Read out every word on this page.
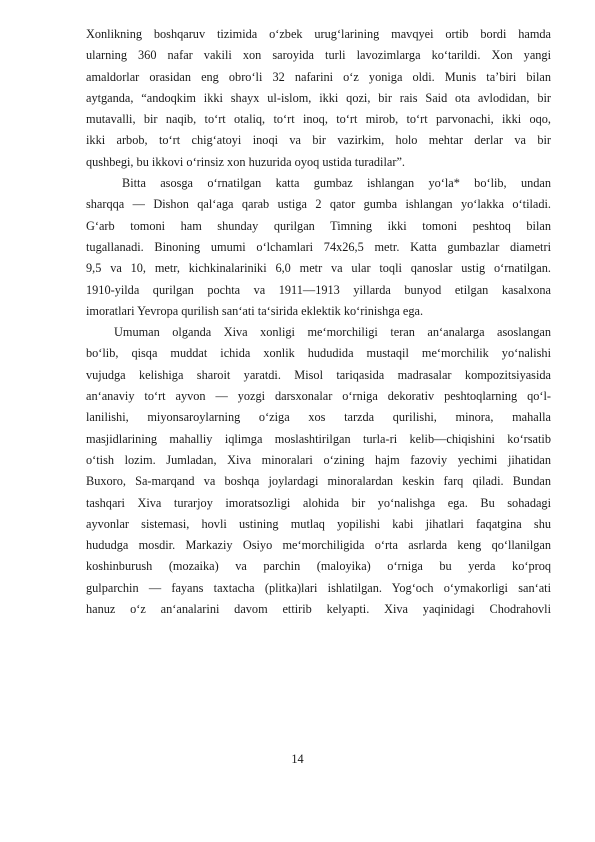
Xonlikning boshqaruv tizimida o‘zbek urug‘larining mavqyei ortib bordi hamda
ularning 360 nafar vakili xon saroyida turli lavozimlarga ko‘tarildi. Xon yangi
amaldorlar orasidan eng obro‘li 32 nafarini o‘z yoniga oldi. Munis ta’biri bilan
aytganda, “andoqkim ikki shayx ul-islom, ikki qozi, bir rais Said ota avlodidan, bir
mutavalli, bir naqib, to‘rt otaliq, to‘rt inoq, to‘rt mirob, to‘rt parvonachi, ikki oqo,
ikki arbob, to‘rt chig‘atoyi inoqi va bir vazirkim, holo mehtar derlar va bir
qushbegi, bu ikkovi o‘rinsiz xon huzurida oyoq ustida turadilar”.
Bitta asosga o‘rnatilgan katta gumbaz ishlangan yo‘la* bo‘lib, undan
sharqqa — Dishon qal‘aga qarab ustiga 2 qator gumba ishlangan yo‘lakka o‘tiladi.
G‘arb tomoni ham shunday qurilgan Timning ikki tomoni peshtoq bilan
tugallanadi. Binoning umumi o‘lchamlari 74x26,5 metr. Katta gumbazlar diametri
9,5 va 10, metr, kichkinalariniki 6,0 metr va ular toqli qanoslar ustig o‘rnatilgan.
1910-yilda qurilgan pochta va 1911—1913 yillarda bunyod etilgan kasalxona
imoratlari Yevropa qurilish san‘ati ta‘sirida eklektik ko‘rinishga ega.
Umuman olganda Xiva xonligi me‘morchiligi teran an‘analarga asoslangan
bo‘lib, qisqa muddat ichida xonlik hududida mustaqil me‘morchilik yo‘nalishi
vujudga kelishiga sharoit yaratdi. Misol tariqasida madrasalar kompozitsiyasida
an‘anaviy to‘rt ayvon — yozgi darsxonalar o‘rniga dekorativ peshtoqlarning qo‘l-
lanilishi, miyonsaroylarning o‘ziga xos tarzda qurilishi, minora, mahalla
masjidlarining mahalliy iqlimga moslashtirilgan turla-ri kelib—chiqishini ko‘rsatib
o‘tish lozim. Jumladan, Xiva minoralari o‘zining hajm fazoviy yechimi jihatidan
Buxoro, Sa-marqand va boshqa joylardagi minoralardan keskin farq qiladi. Bundan
tashqari Xiva turarjoy imoratsozligi alohida bir yo‘nalishga ega. Bu sohadagi
ayvonlar sistemasi, hovli ustining mutlaq yopilishi kabi jihatlari faqatgina shu
hududga mosdir. Markaziy Osiyo me‘morchiligida o‘rta asrlarda keng qo‘llanilgan
koshinburush (mozaika) va parchin (maloyika) o‘rniga bu yerda ko‘proq
gulparchin — fayans taxtacha (plitka)lari ishlatilgan. Yog‘och o‘ymakorligi san‘ati
hanuz o‘z an‘analarini davom ettirib kelyapti. Xiva yaqinidagi Chodrahovli
14
